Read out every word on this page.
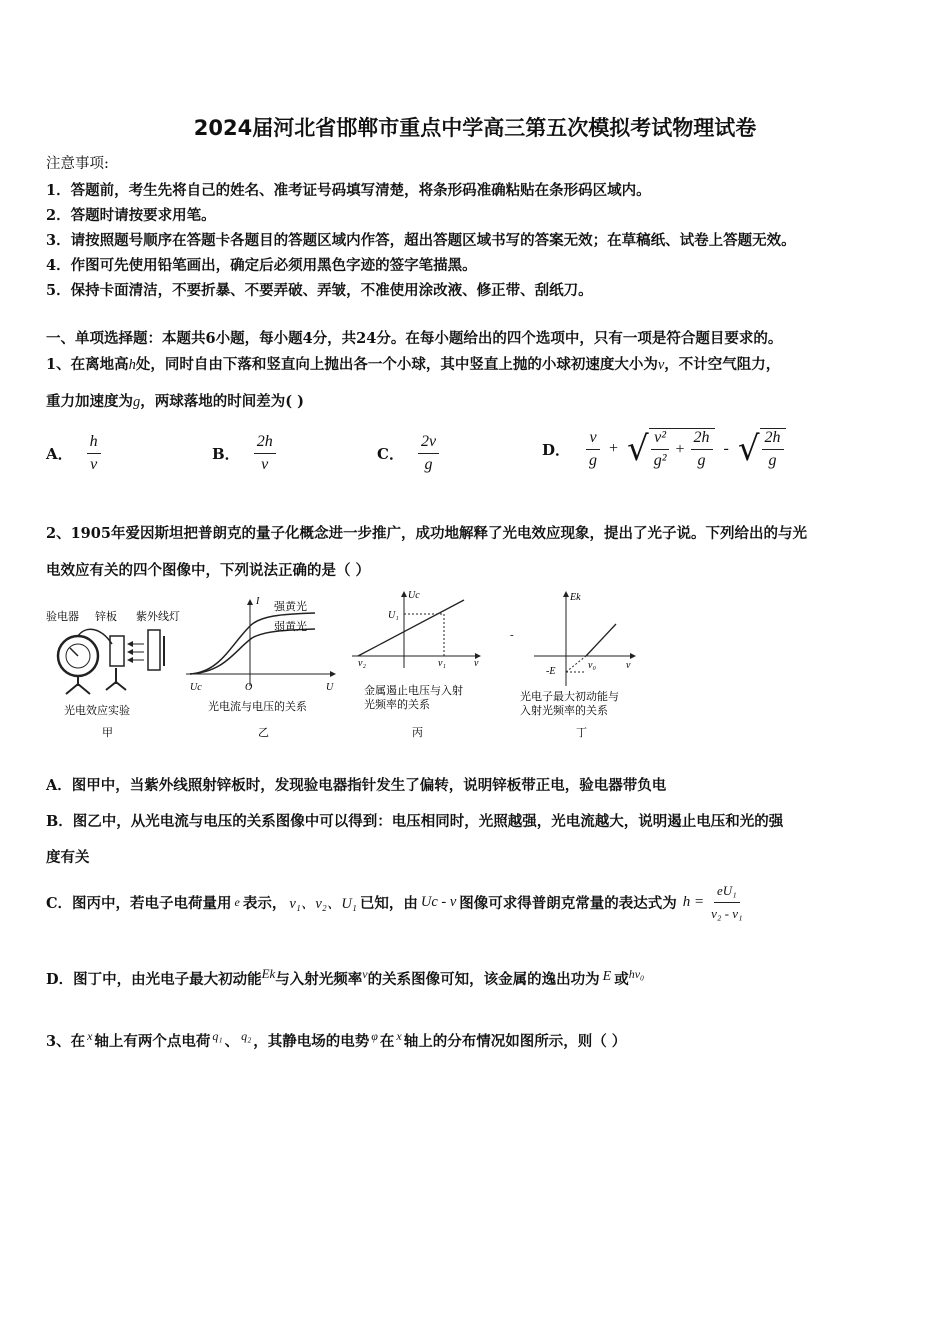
2024届河北省邯郸市重点中学高三第五次模拟考试物理试卷
注意事项:
1．答题前，考生先将自己的姓名、准考证号码填写清楚，将条形码准确粘贴在条形码区域内。
2．答题时请按要求用笔。
3．请按照题号顺序在答题卡各题目的答题区域内作答，超出答题区域书写的答案无效；在草稿纸、试卷上答题无效。
4．作图可先使用铅笔画出，确定后必须用黑色字迹的签字笔描黑。
5．保持卡面清洁，不要折暴、不要弄破、弄皱，不准使用涂改液、修正带、刮纸刀。
一、单项选择题：本题共6小题，每小题4分，共24分。在每小题给出的四个选项中，只有一项是符合题目要求的。
1、在离地高h处，同时自由下落和竖直向上抛出各一个小球，其中竖直上抛的小球初速度大小为v，不计空气阻力，
重力加速度为g，两球落地的时间差为( )
A． $\frac{h}{v}$	B． $\frac{2h}{v}$	C． $\frac{2v}{g}$	D． $\frac{v}{g}$ + √ $\frac{\text{v²}}{\text{g²}} + \frac{2h}{g}$ - √ $\frac{2h}{g}$
2、1905年爱因斯坦把普朗克的量子化概念进一步推广，成功地解释了光电效应现象，提出了光子说。下列给出的与光
电效应有关的四个图像中，下列说法正确的是（ ）
验电器 锌板 紫外线灯
光电效应实验
甲
I
U
O
Uc
强黄光
弱黄光
光电流与电压的关系
乙
Uc
v
U₁
v₂	v₁
金属遏止电压与入射
光频率的关系
丙
-
Ek
v
-E
v₀
光电子最大初动能与
入射光频率的关系
丁
A．图甲中，当紫外线照射锌板时，发现验电器指针发生了偏转，说明锌板带正电，验电器带负电
B．图乙中，从光电流与电压的关系图像中可以得到：电压相同时，光照越强，光电流越大，说明遏止电压和光的强
度有关
C．图丙中，若电子电荷量用 e 表示， v₁、v₂、U₁ 已知，由 Uc - v 图像可求得普朗克常量的表达式为 $h = \frac{\text{eU₁}}{\text{v₂ - v₁}}$
D．图丁中，由光电子最大初动能 Ek 与入射光频率 v 的关系图像可知，该金属的逸出功为 E 或 hv₀
3、在 x 轴上有两个点电荷 q₁ 、 q₂ ，其静电场的电势 φ 在 x 轴上的分布情况如图所示，则（ ）
